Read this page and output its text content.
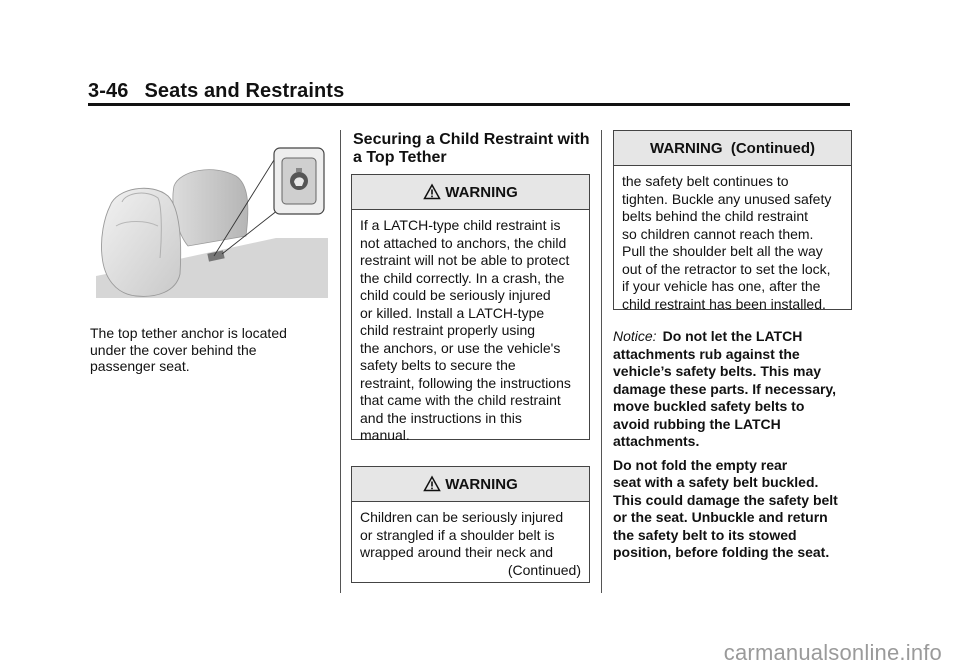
3-46 Seats and Restraints
The top tether anchor is located under the cover behind the passenger seat.
Securing a Child Restraint with a Top Tether
WARNING
If a LATCH-type child restraint is
not attached to anchors, the child
restraint will not be able to protect
the child correctly. In a crash, the
child could be seriously injured
or killed. Install a LATCH-type
child restraint properly using
the anchors, or use the vehicle's
safety belts to secure the
restraint, following the instructions
that came with the child restraint
and the instructions in this
manual.
WARNING
Children can be seriously injured
or strangled if a shoulder belt is
wrapped around their neck and
(Continued)
WARNING  (Continued)
the safety belt continues to
tighten. Buckle any unused safety
belts behind the child restraint
so children cannot reach them.
Pull the shoulder belt all the way
out of the retractor to set the lock,
if your vehicle has one, after the
child restraint has been installed.

Notice: Do not let the LATCH
attachments rub against the
vehicle’s safety belts. This may
damage these parts. If necessary,
move buckled safety belts to
avoid rubbing the LATCH
attachments.

Do not fold the empty rear
seat with a safety belt buckled.
This could damage the safety belt
or the seat. Unbuckle and return
the safety belt to its stowed
position, before folding the seat.

carmanualsonline.info
